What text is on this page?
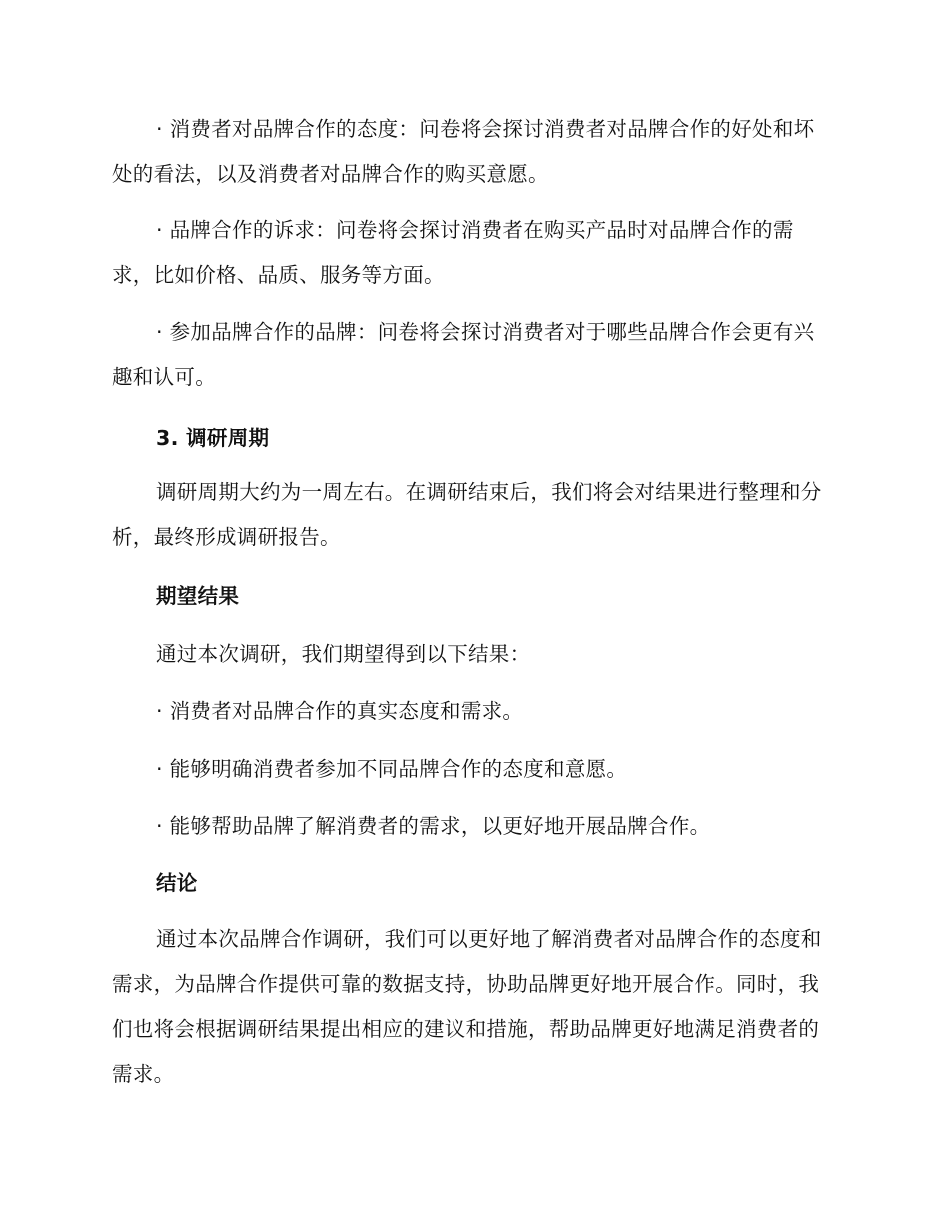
· 消费者对品牌合作的态度：问卷将会探讨消费者对品牌合作的好处和坏处的看法，以及消费者对品牌合作的购买意愿。

· 品牌合作的诉求：问卷将会探讨消费者在购买产品时对品牌合作的需求，比如价格、品质、服务等方面。

· 参加品牌合作的品牌：问卷将会探讨消费者对于哪些品牌合作会更有兴趣和认可。

3. 调研周期

调研周期大约为一周左右。在调研结束后，我们将会对结果进行整理和分析，最终形成调研报告。

期望结果

通过本次调研，我们期望得到以下结果：

· 消费者对品牌合作的真实态度和需求。

· 能够明确消费者参加不同品牌合作的态度和意愿。

· 能够帮助品牌了解消费者的需求，以更好地开展品牌合作。

结论

通过本次品牌合作调研，我们可以更好地了解消费者对品牌合作的态度和需求，为品牌合作提供可靠的数据支持，协助品牌更好地开展合作。同时，我们也将会根据调研结果提出相应的建议和措施，帮助品牌更好地满足消费者的需求。
